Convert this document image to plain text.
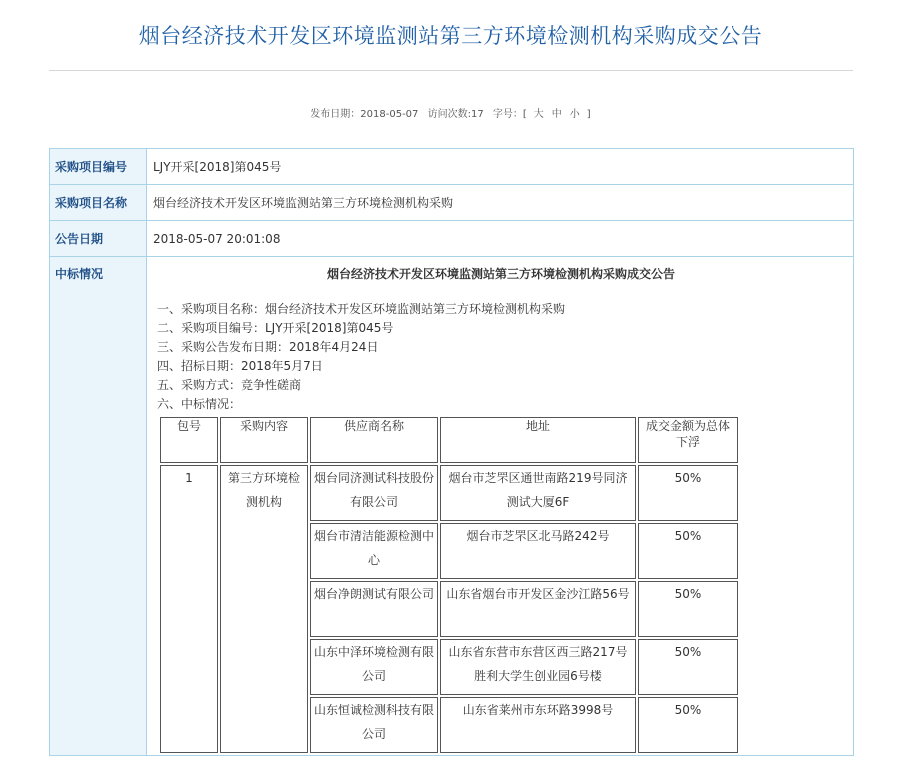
烟台经济技术开发区环境监测站第三方环境检测机构采购成交公告
发布日期：2018-05-07 访问次数:17 字号：[ 大 中 小 ]
采购项目编号	LJY开采[2018]第045号
采购项目名称	烟台经济技术开发区环境监测站第三方环境检测机构采购
公告日期	2018-05-07 20:01:08
中标情况	烟台经济技术开发区环境监测站第三方环境检测机构采购成交公告
一、采购项目名称：烟台经济技术开发区环境监测站第三方环境检测机构采购
二、采购项目编号：LJY开采[2018]第045号
三、采购公告发布日期：2018年4月24日
四、招标日期：2018年5月7日
五、采购方式：竞争性磋商
六、中标情况：
包号	采购内容	供应商名称	地址	成交金额为总体下浮
1	第三方环境检测机构	烟台同济测试科技股份有限公司	烟台市芝罘区通世南路219号同济测试大厦6F	50%
烟台市清洁能源检测中心	烟台市芝罘区北马路242号	50%
烟台净朗测试有限公司	山东省烟台市开发区金沙江路56号	50%
山东中泽环境检测有限公司	山东省东营市东营区西三路217号胜利大学生创业园6号楼	50%
山东恒诚检测科技有限公司	山东省莱州市东环路3998号	50%
